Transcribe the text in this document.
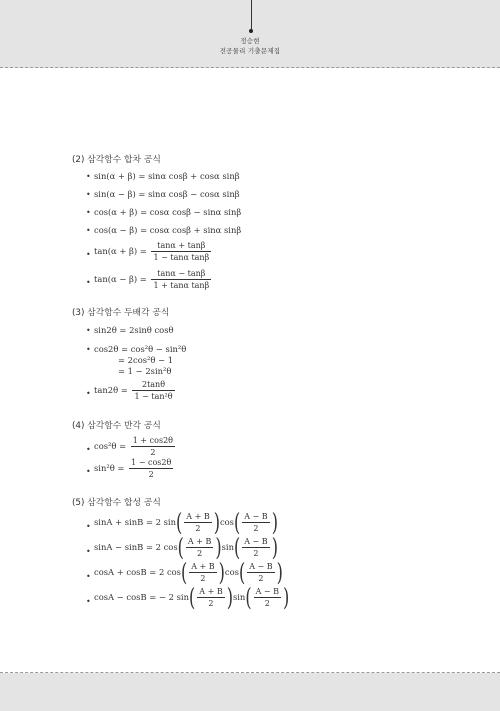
정승현
전공물리 기출문제집
(2) 삼각함수 합차 공식
• sin(α + β) = sinα cosβ + cosα sinβ
• sin(α − β) = sinα cosβ − cosα sinβ
• cos(α + β) = cosα cosβ − sinα sinβ
• cos(α − β) = cosα cosβ + sinα sinβ
• $\tan(\alpha + \beta) = \frac{\tan\alpha + \tan\beta}{\text{1 − tanα tanβ}}$
• $\tan(\alpha - \beta) = \frac{\tan\alpha - \tan\beta}{\text{1 + tanα tanβ}}$
(3) 삼각함수 두배각 공식
• sin2θ = 2sinθ cosθ
• cos2θ = cos²θ − sin²θ
= 2cos²θ − 1
= 1 − 2sin²θ
• $\tan 2\theta = \frac{2\tan\theta}{\text{1 − tan²θ}}$
(4) 삼각함수 반각 공식
• $\cos^2\theta = \frac{1 + \cos 2\theta}{2}$
• $\sin^2\theta = \frac{1 - \cos 2\theta}{2}$
(5) 삼각함수 합성 공식
• sinA + sinB = 2 $\sin( \frac{A + B}{2} )\cos( \frac{A - B}{2}$ )
• sinA − sinB = 2 $\cos( \frac{A + B}{2} )\sin( \frac{A - B}{2}$ )
• cosA + cosB = 2 $\cos( \frac{A + B}{2} )\cos( \frac{A - B}{2}$ )
• cosA − cosB = − 2 $\sin( \frac{A + B}{2} )\sin( \frac{A - B}{2}$ )
